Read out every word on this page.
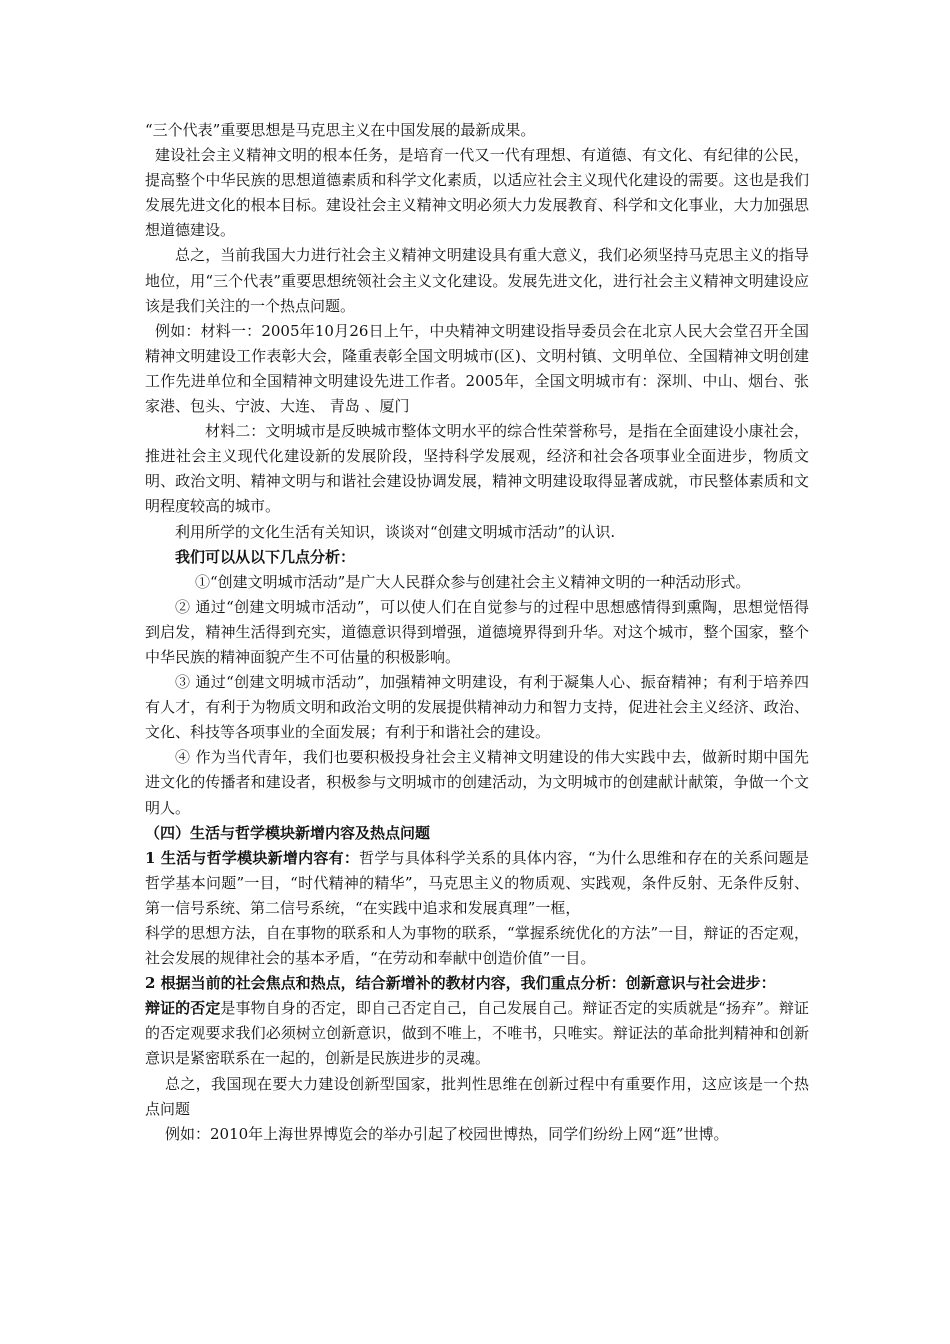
“三个代表”重要思想是马克思主义在中国发展的最新成果。

建设社会主义精神文明的根本任务，是培育一代又一代有理想、有道德、有文化、有纪律的公民，提高整个中华民族的思想道德素质和科学文化素质，以适应社会主义现代化建设的需要。这也是我们发展先进文化的根本目标。建设社会主义精神文明必须大力发展教育、科学和文化事业，大力加强思想道德建设。

总之，当前我国大力进行社会主义精神文明建设具有重大意义，我们必须坚持马克思主义的指导地位，用“三个代表”重要思想统领社会主义文化建设。发展先进文化，进行社会主义精神文明建设应该是我们关注的一个热点问题。

例如：材料一：2005年10月26日上午，中央精神文明建设指导委员会在北京人民大会堂召开全国精神文明建设工作表彰大会，隆重表彰全国文明城市(区)、文明村镇、文明单位、全国精神文明创建工作先进单位和全国精神文明建设先进工作者。2005年，全国文明城市有：深圳、中山、烟台、张家港、包头、宁波、大连、 青岛 、厦门

材料二：文明城市是反映城市整体文明水平的综合性荣誉称号，是指在全面建设小康社会，推进社会主义现代化建设新的发展阶段，坚持科学发展观，经济和社会各项事业全面进步，物质文明、政治文明、精神文明与和谐社会建设协调发展，精神文明建设取得显著成就，市民整体素质和文明程度较高的城市。

利用所学的文化生活有关知识，谈谈对“创建文明城市活动”的认识.

我们可以从以下几点分析：

①“创建文明城市活动”是广大人民群众参与创建社会主义精神文明的一种活动形式。

② 通过“创建文明城市活动”，可以使人们在自觉参与的过程中思想感情得到熏陶，思想觉悟得到启发，精神生活得到充实，道德意识得到增强，道德境界得到升华。对这个城市，整个国家，整个中华民族的精神面貌产生不可估量的积极影响。

③ 通过“创建文明城市活动”，加强精神文明建设，有利于凝集人心、振奋精神；有利于培养四有人才，有利于为物质文明和政治文明的发展提供精神动力和智力支持，促进社会主义经济、政治、文化、科技等各项事业的全面发展；有利于和谐社会的建设。

④ 作为当代青年，我们也要积极投身社会主义精神文明建设的伟大实践中去，做新时期中国先进文化的传播者和建设者，积极参与文明城市的创建活动，为文明城市的创建献计献策，争做一个文明人。

（四）生活与哲学模块新增内容及热点问题

1 生活与哲学模块新增内容有：哲学与具体科学关系的具体内容，“为什么思维和存在的关系问题是哲学基本问题”一目，“时代精神的精华”，马克思主义的物质观、实践观，条件反射、无条件反射、第一信号系统、第二信号系统，“在实践中追求和发展真理”一框，

科学的思想方法，自在事物的联系和人为事物的联系，“掌握系统优化的方法”一目，辩证的否定观，社会发展的规律社会的基本矛盾，“在劳动和奉献中创造价值”一目。

2 根据当前的社会焦点和热点，结合新增补的教材内容，我们重点分析：创新意识与社会进步：

辩证的否定是事物自身的否定，即自己否定自己，自己发展自己。辩证否定的实质就是“扬弃”。辩证的否定观要求我们必须树立创新意识，做到不唯上，不唯书，只唯实。辩证法的革命批判精神和创新意识是紧密联系在一起的，创新是民族进步的灵魂。

总之，我国现在要大力建设创新型国家，批判性思维在创新过程中有重要作用，这应该是一个热点问题

例如：2010年上海世界博览会的举办引起了校园世博热，同学们纷纷上网“逛”世博。
